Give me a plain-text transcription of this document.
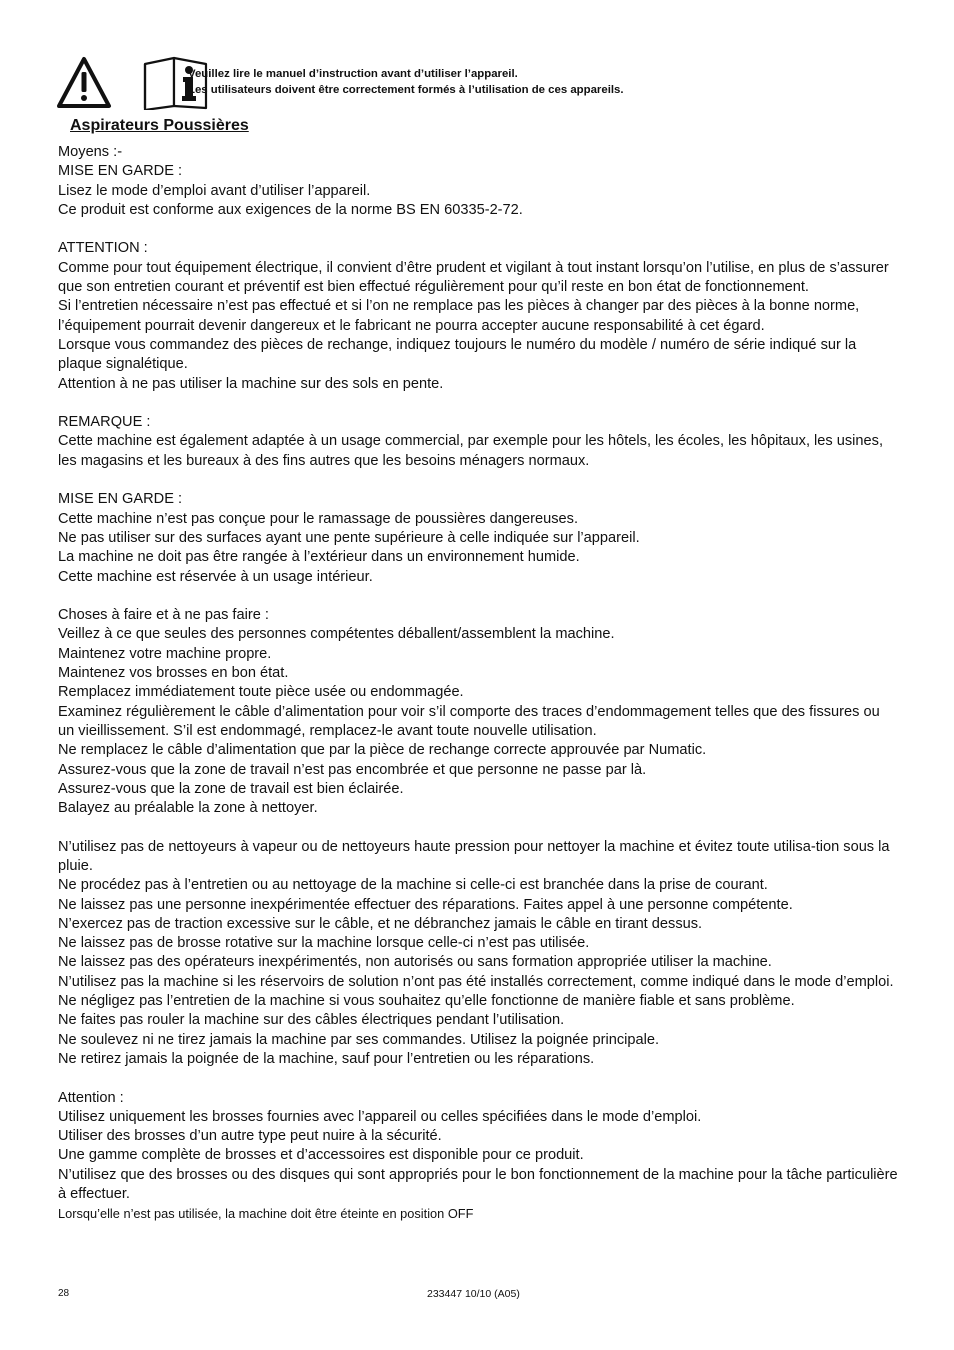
Veuillez lire le manuel d’instruction avant d’utiliser l’appareil.
Les utilisateurs doivent être correctement formés à l’utilisation de ces appareils.
Aspirateurs Poussières

Moyens :-

MISE EN GARDE :

Lisez le mode d’emploi avant d’utiliser l’appareil.

Ce produit est conforme aux exigences de la norme BS EN 60335-2-72.

ATTENTION :

Comme pour tout équipement électrique, il convient d’être prudent et vigilant à tout instant lorsqu’on l’utilise, en plus de s’assurer que son entretien courant et préventif est bien effectué régulièrement pour qu’il reste en bon état de fonctionnement.

Si l’entretien nécessaire n’est pas effectué et si l’on ne remplace pas les pièces à changer par des pièces à la bonne norme, l’équipement pourrait devenir dangereux et le fabricant ne pourra accepter aucune responsabilité à cet égard.

Lorsque vous commandez des pièces de rechange, indiquez toujours le numéro du modèle / numéro de série indiqué sur la plaque signalétique.

Attention à ne pas utiliser la machine sur des sols en pente.

REMARQUE :

Cette machine est également adaptée à un usage commercial, par exemple pour les hôtels, les écoles, les hôpitaux, les usines, les magasins et les bureaux à des fins autres que les besoins ménagers normaux.

MISE EN GARDE :

Cette machine n’est pas conçue pour le ramassage de poussières dangereuses.

Ne pas utiliser sur des surfaces ayant une pente supérieure à celle indiquée sur l’appareil.

La machine ne doit pas être rangée à l’extérieur dans un environnement humide.

Cette machine est réservée à un usage intérieur.

Choses à faire et à ne pas faire :

Veillez à ce que seules des personnes compétentes déballent/assemblent la machine.

Maintenez votre machine propre.

Maintenez vos brosses en bon état.

Remplacez immédiatement toute pièce usée ou endommagée.

Examinez régulièrement le câble d’alimentation pour voir s’il comporte des traces d’endommagement telles que des fissures ou un vieillissement. S’il est endommagé, remplacez-le avant toute nouvelle utilisation.

Ne remplacez le câble d’alimentation que par la pièce de rechange correcte approuvée par Numatic.

Assurez-vous que la zone de travail n’est pas encombrée et que personne ne passe par là.

Assurez-vous que la zone de travail est bien éclairée.

Balayez au préalable la zone à nettoyer.

N’utilisez pas de nettoyeurs à vapeur ou de nettoyeurs haute pression pour nettoyer la machine et évitez toute utilisa-tion sous la pluie.

Ne procédez pas à l’entretien ou au nettoyage de la machine si celle-ci est branchée dans la prise de courant.

Ne laissez pas une personne inexpérimentée effectuer des réparations. Faites appel à une personne compétente.

N’exercez pas de traction excessive sur le câble, et ne débranchez jamais le câble en tirant dessus.

Ne laissez pas de brosse rotative sur la machine lorsque celle-ci n’est pas utilisée.

Ne laissez pas des opérateurs inexpérimentés, non autorisés ou sans formation appropriée utiliser la machine.

N’utilisez pas la machine si les réservoirs de solution n’ont pas été installés correctement, comme indiqué dans le mode d’emploi.

Ne négligez pas l’entretien de la machine si vous souhaitez qu’elle fonctionne de manière fiable et sans problème.

Ne faites pas rouler la machine sur des câbles électriques pendant l’utilisation.

Ne soulevez ni ne tirez jamais la machine par ses commandes. Utilisez la poignée principale.

Ne retirez jamais la poignée de la machine, sauf pour l’entretien ou les réparations.

Attention :

Utilisez uniquement les brosses fournies avec l’appareil ou celles spécifiées dans le mode d’emploi.

Utiliser des brosses d’un autre type peut nuire à la sécurité.

Une gamme complète de brosses et d’accessoires est disponible pour ce produit.

N’utilisez que des brosses ou des disques qui sont appropriés pour le bon fonctionnement de la machine pour la tâche particulière à effectuer.

Lorsqu’elle n’est pas utilisée, la machine doit être éteinte en position OFF

28	233447 10/10 (A05)
